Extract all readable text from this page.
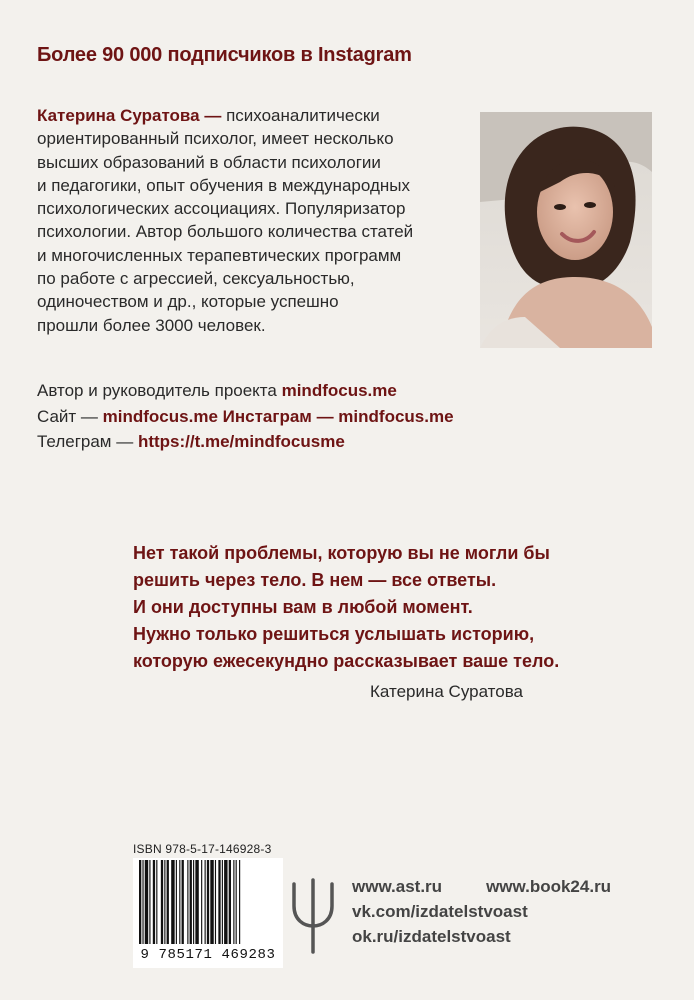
Более 90 000 подписчиков в Instagram
Катерина Суратова — психоаналитически
ориентированный психолог, имеет несколько
высших образований в области психологии
и педагогики, опыт обучения в международных
психологических ассоциациях. Популяризатор
психологии. Автор большого количества статей
и многочисленных терапевтических программ
по работе с агрессией, сексуальностью,
одиночеством и др., которые успешно
прошли более 3000 человек.
Автор и руководитель проекта mindfocus.me
Сайт — mindfocus.me Инстаграм — mindfocus.me
Телеграм — https://t.me/mindfocusme
Нет такой проблемы, которую вы не могли бы
решить через тело. В нем — все ответы.
И они доступны вам в любой момент.
Нужно только решиться услышать историю,
которую ежесекундно рассказывает ваше тело.
Катерина Суратова
ISBN 978-5-17-146928-3
9 785171 469283
www.ast.ru	www.book24.ru
vk.com/izdatelstvoast
ok.ru/izdatelstvoast
